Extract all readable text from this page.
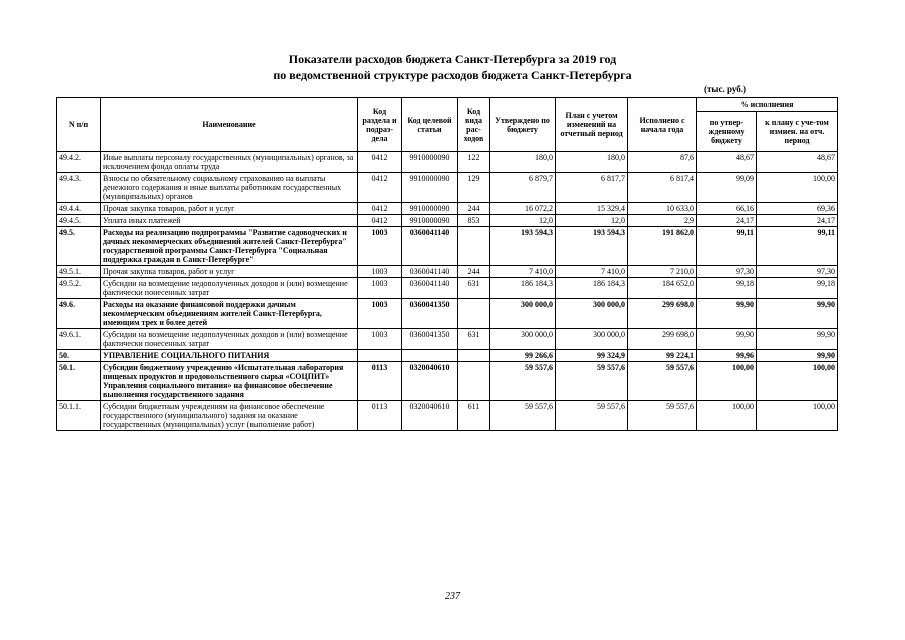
Показатели расходов бюджета Санкт-Петербурга за 2019 год
по ведомственной структуре расходов бюджета Санкт-Петербурга
(тыс. руб.)
N п/п	Наименование	Код раздела и подраз-дела	Код целевой статьи	Код вида рас-ходов	Утверждено по бюджету	План с учетом изменений на отчетный период	Исполнено с начала года	% исполнения	
								по утвер-жденному бюджету	к плану с уче-том измнен. на отч. период
49.4.2.	Иные выплаты персоналу государственных (муниципальных) органов, за исключением фонда оплаты труда	0412	9910000090	122	180,0	180,0	87,6	48,67	48,67
49.4.3.	Взносы по обязательному социальному страхованию на выплаты денежного содержания и иные выплаты работникам государственных (муниципальных) органов	0412	9910000090	129	6 879,7	6 817,7	6 817,4	99,09	100,00
49.4.4.	Прочая закупка товаров, работ и услуг	0412	9910000090	244	16 072,2	15 329,4	10 633,0	66,16	69,36
49.4.5.	Уплата иных платежей	0412	9910000090	853	12,0	12,0	2,9	24,17	24,17
49.5.	Расходы на реализацию подпрограммы "Развитие садоводческих и дачных некоммерческих объединений жителей Санкт-Петербурга" государственной программы Санкт-Петербурга "Социальная поддержка граждан в Санкт-Петербурге"	1003	0360041140		193 594,3	193 594,3	191 862,0	99,11	99,11
49.5.1.	Прочая закупка товаров, работ и услуг	1003	0360041140	244	7 410,0	7 410,0	7 210,0	97,30	97,30
49.5.2.	Субсидии на возмещение недополученных доходов и (или) возмещение фактически понесенных затрат	1003	0360041140	631	186 184,3	186 184,3	184 652,0	99,18	99,18
49.6.	Расходы на оказание финансовой поддержки дачным некоммерческим объединениям жителей Санкт-Петербурга, имеющим трех и более детей	1003	0360041350		300 000,0	300 000,0	299 698,0	99,90	99,90
49.6.1.	Субсидии на возмещение недополученных доходов и (или) возмещение фактически понесенных затрат	1003	0360041350	631	300 000,0	300 000,0	299 698,0	99,90	99,90
50.	УПРАВЛЕНИЕ СОЦИАЛЬНОГО ПИТАНИЯ				99 266,6	99 324,9	99 224,1	99,96	99,90
50.1.	Субсидии бюджетному учреждению «Испытательная лаборатория пищевых продуктов и продовольственного сырья «СОЦПИТ» Управления социального питания» на финансовое обеспечение выполнения государственного задания	0113	0320040610		59 557,6	59 557,6	59 557,6	100,00	100,00
50.1.1.	Субсидии бюджетным учреждениям на финансовое обеспечение государственного (муниципального) задания на оказание государственных (муниципальных) услуг (выполнение работ)	0113	0320040610	611	59 557,6	59 557,6	59 557,6	100,00	100,00
237
